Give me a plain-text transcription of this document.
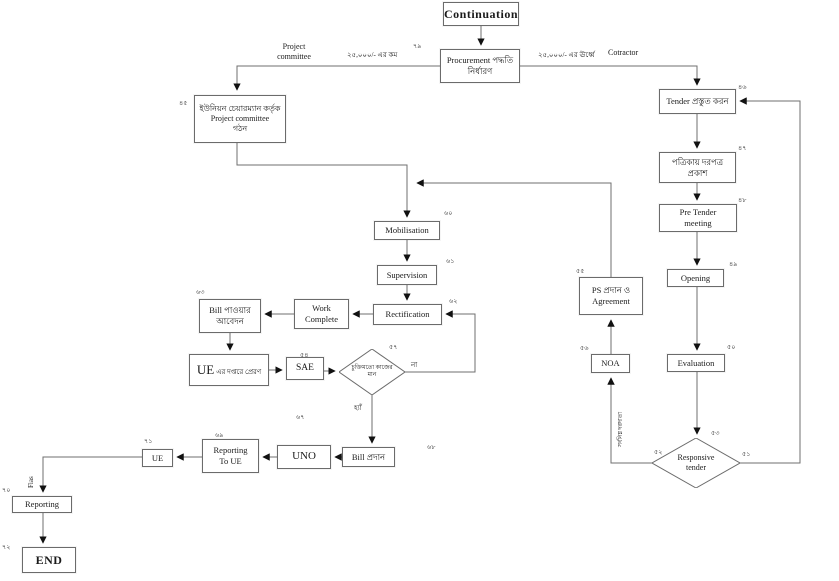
Continuation
Procurement পদ্ধতি
নির্ধারণ
ইউনিয়ন চেয়ারম্যান কর্তৃক
Project committee
গঠন
Tender প্রস্তুত করন
পত্রিকায় দরপত্র
প্রকাশ
Pre Tender
meeting
Opening
Evaluation
Responsive
tender
PS প্রদান ও
Agreement
NOA
Mobilisation
Supervision
Rectification
Work
Complete
Bill পাওয়ার
আবেদন
UE এর দপ্তরে প্রেরণ	SAE	চুক্তিমতো কাজের
মান
Bill প্রদান
UNO
Reporting
To UE
UE
Reporting
END
Project
committee	২৫,০০০/- এর কম	২৫,০০০/- এর ঊর্ধ্বে Cotractor
না
হ্যাঁ
Fias
সর্বনিম্ন দরদাতা
৭৯
৪৫
৪৬
৪৭
৪৮
৪৯
৫০
৫৩
৫১
৫২
৫৫
৫৬
৬০
৬১
৬২
৬৩
৫৪
৫৭
৬৮
৬৭
৬৯
৭১
৭০
৭২
